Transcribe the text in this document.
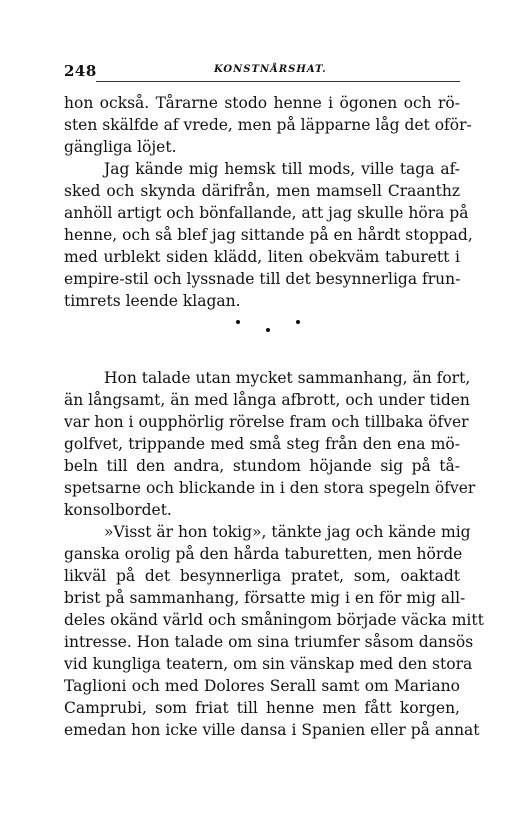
248	KONSTNÅRSHAT.
hon också. Tårarne stodo henne i ögonen och rö-
sten skälfde af vrede, men på läpparne låg det oför-
gängliga löjet.
Jag kände mig hemsk till mods, ville taga af-
sked och skynda därifrån, men mamsell Craanthz
anhöll artigt och bönfallande, att jag skulle höra på
henne, och så blef jag sittande på en hårdt stoppad,
med urblekt siden klädd, liten obekväm taburett i
empire-stil och lyssnade till det besynnerliga frun-
timrets leende klagan.
Hon talade utan mycket sammanhang, än fort,
än långsamt, än med långa afbrott, och under tiden
var hon i oupphörlig rörelse fram och tillbaka öfver
golfvet, trippande med små steg från den ena mö-
beln till den andra, stundom höjande sig på tå-
spetsarne och blickande in i den stora spegeln öfver
konsolbordet.
»Visst är hon tokig», tänkte jag och kände mig
ganska orolig på den hårda taburetten, men hörde
likväl på det besynnerliga pratet, som, oaktadt
brist på sammanhang, försatte mig i en för mig all-
deles okänd värld och småningom började väcka mitt
intresse. Hon talade om sina triumfer såsom dansös
vid kungliga teatern, om sin vänskap med den stora
Taglioni och med Dolores Serall samt om Mariano
Camprubi, som friat till henne men fått korgen,
emedan hon icke ville dansa i Spanien eller på annat
